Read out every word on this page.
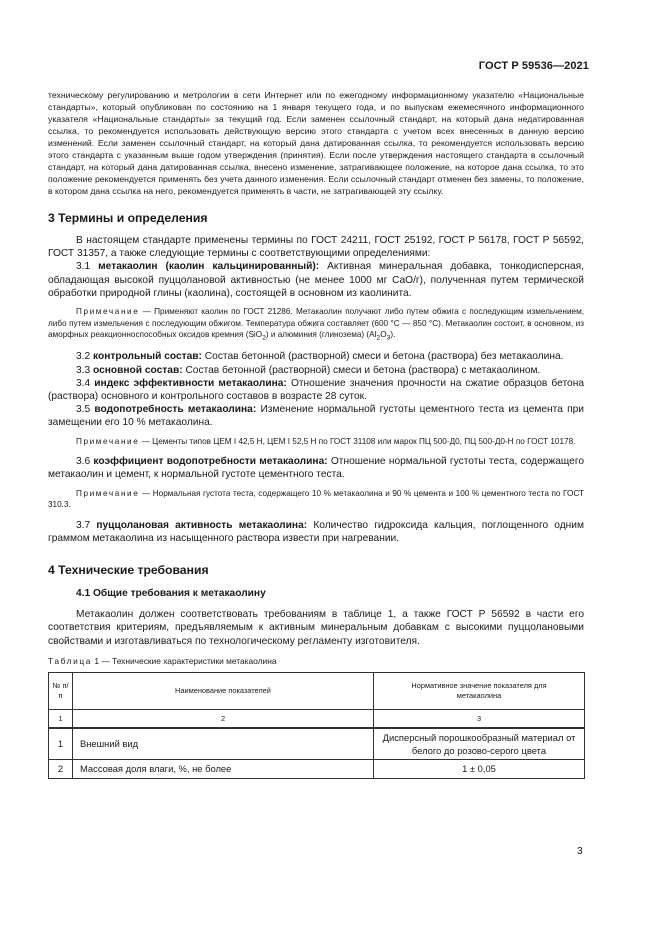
ГОСТ Р 59536—2021

техническому регулированию и метрологии в сети Интернет или по ежегодному информационному указателю «Национальные стандарты», который опубликован по состоянию на 1 января текущего года, и по выпускам ежемесячного информационного указателя «Национальные стандарты» за текущий год. Если заменен ссылочный стандарт, на который дана недатированная ссылка, то рекомендуется использовать действующую версию этого стандарта с учетом всех внесенных в данную версию изменений. Если заменен ссылочный стандарт, на который дана датированная ссылка, то рекомендуется использовать версию этого стандарта с указанным выше годом утверждения (принятия). Если после утверждения настоящего стандарта в ссылочный стандарт, на который дана датированная ссылка, внесено изменение, затрагивающее положение, на которое дана ссылка, то это положение рекомендуется применять без учета данного изменения. Если ссылочный стандарт отменен без замены, то положение, в котором дана ссылка на него, рекомендуется применять в части, не затрагивающей эту ссылку.

3 Термины и определения

В настоящем стандарте применены термины по ГОСТ 24211, ГОСТ 25192, ГОСТ Р 56178, ГОСТ Р 56592, ГОСТ 31357, а также следующие термины с соответствующими определениями:

3.1 метакаолин (каолин кальцинированный): Активная минеральная добавка, тонкодисперсная, обладающая высокой пуццолановой активностью (не менее 1000 мг CaO/г), полученная путем термической обработки природной глины (каолина), состоящей в основном из каолинита.

Примечание — Применяют каолин по ГОСТ 21286. Метакаолин получают либо путем обжига с последующим измельчением, либо путем измельчения с последующим обжигом. Температура обжига составляет (600 °С — 850 °С). Метакаолин состоит, в основном, из аморфных реакционноспособных оксидов кремния (SiO$_2$) и алюминия (глинозема) $(Al_2O_3)$.

3.2 контрольный состав: Состав бетонной (растворной) смеси и бетона (раствора) без метакаолина.

3.3 основной состав: Состав бетонной (растворной) смеси и бетона (раствора) с метакаолином.

3.4 индекс эффективности метакаолина: Отношение значения прочности на сжатие образцов бетона (раствора) основного и контрольного составов в возрасте 28 суток.

3.5 водопотребность метакаолина: Изменение нормальной густоты цементного теста из цемента при замещении его 10 % метакаолина.

Примечание — Цементы типов ЦЕМ I 42,5 Н, ЦЕМ I 52,5 Н по ГОСТ 31108 или марок ПЦ 500-Д0, ПЦ 500-Д0-Н по ГОСТ 10178.

3.6 коэффициент водопотребности метакаолина: Отношение нормальной густоты теста, содержащего метакаолин и цемент, к нормальной густоте цементного теста.

Примечание — Нормальная густота теста, содержащего 10 % метакаолина и 90 % цемента и 100 % цементного теста по ГОСТ 310.3.

3.7 пуццолановая активность метакаолина: Количество гидроксида кальция, поглощенного одним граммом метакаолина из насыщенного раствора извести при нагревании.

4 Технические требования
4.1 Общие требования к метакаолину

Метакаолин должен соответствовать требованиям в таблице 1, а также ГОСТ Р 56592 в части его соответствия критериям, предъявляемым к активным минеральным добавкам с высокими пуццолановыми свойствами и изготавливаться по технологическому регламенту изготовителя.

Таблица 1 — Технические характеристики метакаолина
№ п/п	Наименование показателей	Нормативное значение показателя для метакаолина
1	2	3
1	Внешний вид	Дисперсный порошкообразный материал от белого до розово-серого цвета
2	Массовая доля влаги, %, не более	1 ± 0,05
3
